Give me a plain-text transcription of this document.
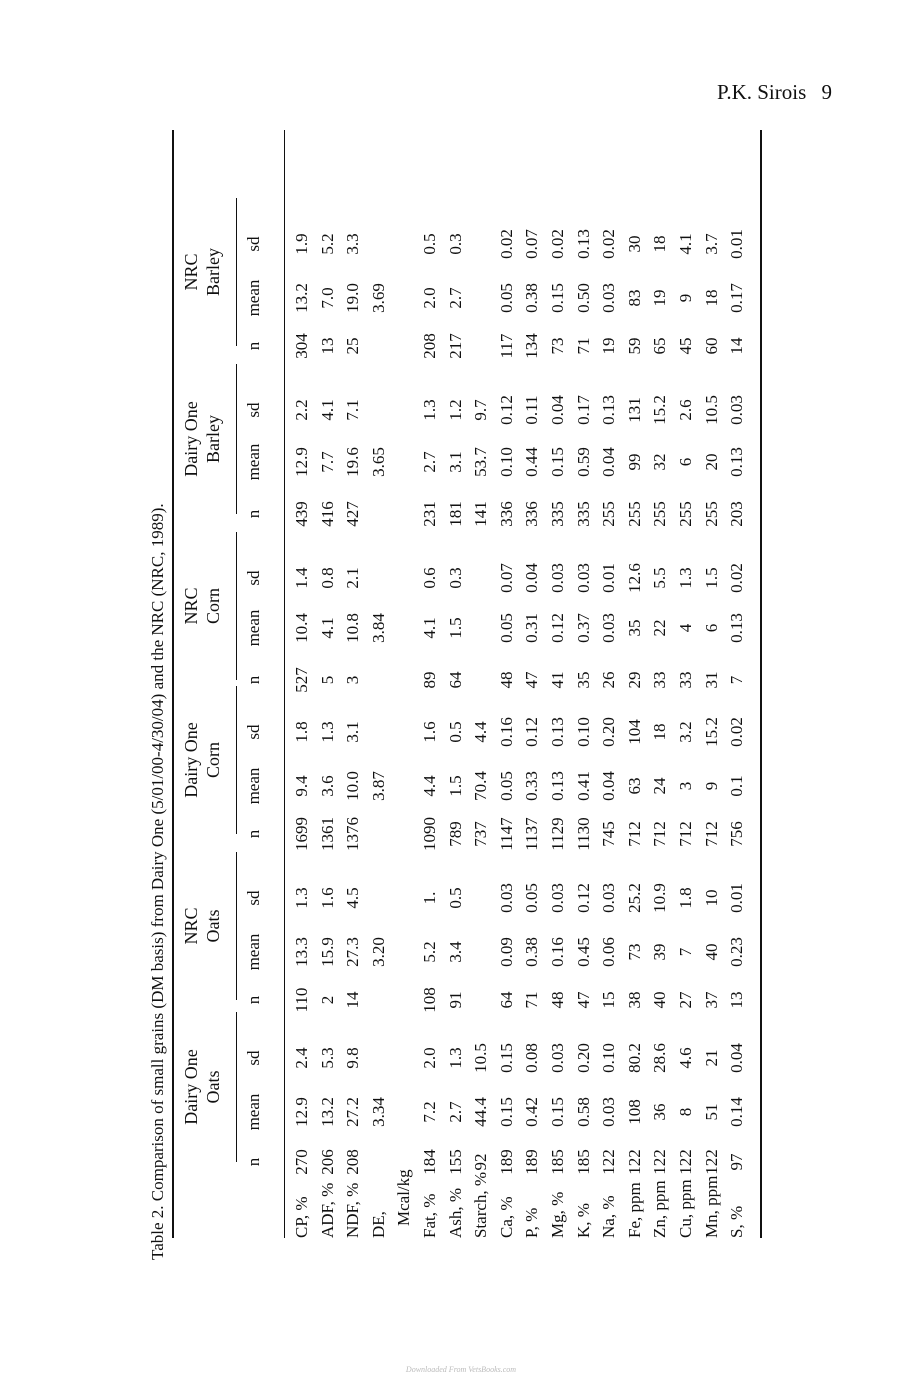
P.K. Sirois 9
Table 2. Comparison of small grains (DM basis) from Dairy One (5/01/00-4/30/04) and the NRC (NRC, 1989). Dairy One Oats
NRC Oats
Dairy One Corn
NRC Corn
Dairy One Barley
NRC Barley
n
mean
sd
n
mean
sd
n
mean
sd
n
mean
sd
n
mean
sd
n
mean
sd
CP, %
270
12.9
2.4
110
13.3
1.3
1699
9.4
1.8
527
10.4
1.4
439
12.9
2.2
304
13.2
1.9
ADF, %
206
13.2
5.3
2
15.9
1.6
1361
3.6
1.3
5
4.1
0.8
416
7.7
4.1
13
7.0
5.2
NDF, %
208
27.2
9.8
14
27.3
4.5
1376
10.0
3.1
3
10.8
2.1
427
19.6
7.1
25
19.0
3.3
DE,
3.34
3.20
3.87
3.84
3.65
3.69
Mcal/kg Fat, %
184
7.2
2.0
108
5.2
1.
1090
4.4
1.6
89
4.1
0.6
231
2.7
1.3
208
2.0
0.5
Ash, %
155
2.7
1.3
91
3.4
0.5
789
1.5
0.5
64
1.5
0.3
181
3.1
1.2
217
2.7
0.3
Starch, %
92
44.4
10.5
737
70.4
4.4
141
53.7
9.7
Ca, %
189
0.15
0.15
64
0.09
0.03
1147
0.05
0.16
48
0.05
0.07
336
0.10
0.12
117
0.05
0.02
P, %
189
0.42
0.08
71
0.38
0.05
1137
0.33
0.12
47
0.31
0.04
336
0.44
0.11
134
0.38
0.07
Mg, %
185
0.15
0.03
48
0.16
0.03
1129
0.13
0.13
41
0.12
0.03
335
0.15
0.04
73
0.15
0.02
K, %
185
0.58
0.20
47
0.45
0.12
1130
0.41
0.10
35
0.37
0.03
335
0.59
0.17
71
0.50
0.13
Na, %
122
0.03
0.10
15
0.06
0.03
745
0.04
0.20
26
0.03
0.01
255
0.04
0.13
19
0.03
0.02
Fe, ppm
122
108
80.2
38
73
25.2
712
63
104
29
35
12.6
255
99
131
59
83
30
Zn, ppm
122
36
28.6
40
39
10.9
712
24
18
33
22
5.5
255
32
15.2
65
19
18
Cu, ppm
122
8
4.6
27
7
1.8
712
3
3.2
33
4
1.3
255
6
2.6
45
9
4.1
Mn, ppm
122
51
21
37
40
10
712
9
15.2
31
6
1.5
255
20
10.5
60
18
3.7
S, %
97
0.14
0.04
13
0.23
0.01
756
0.1
0.02
7
0.13
0.02
203
0.13
0.03
14
0.17
0.01
Downloaded From VetsBooks.com
